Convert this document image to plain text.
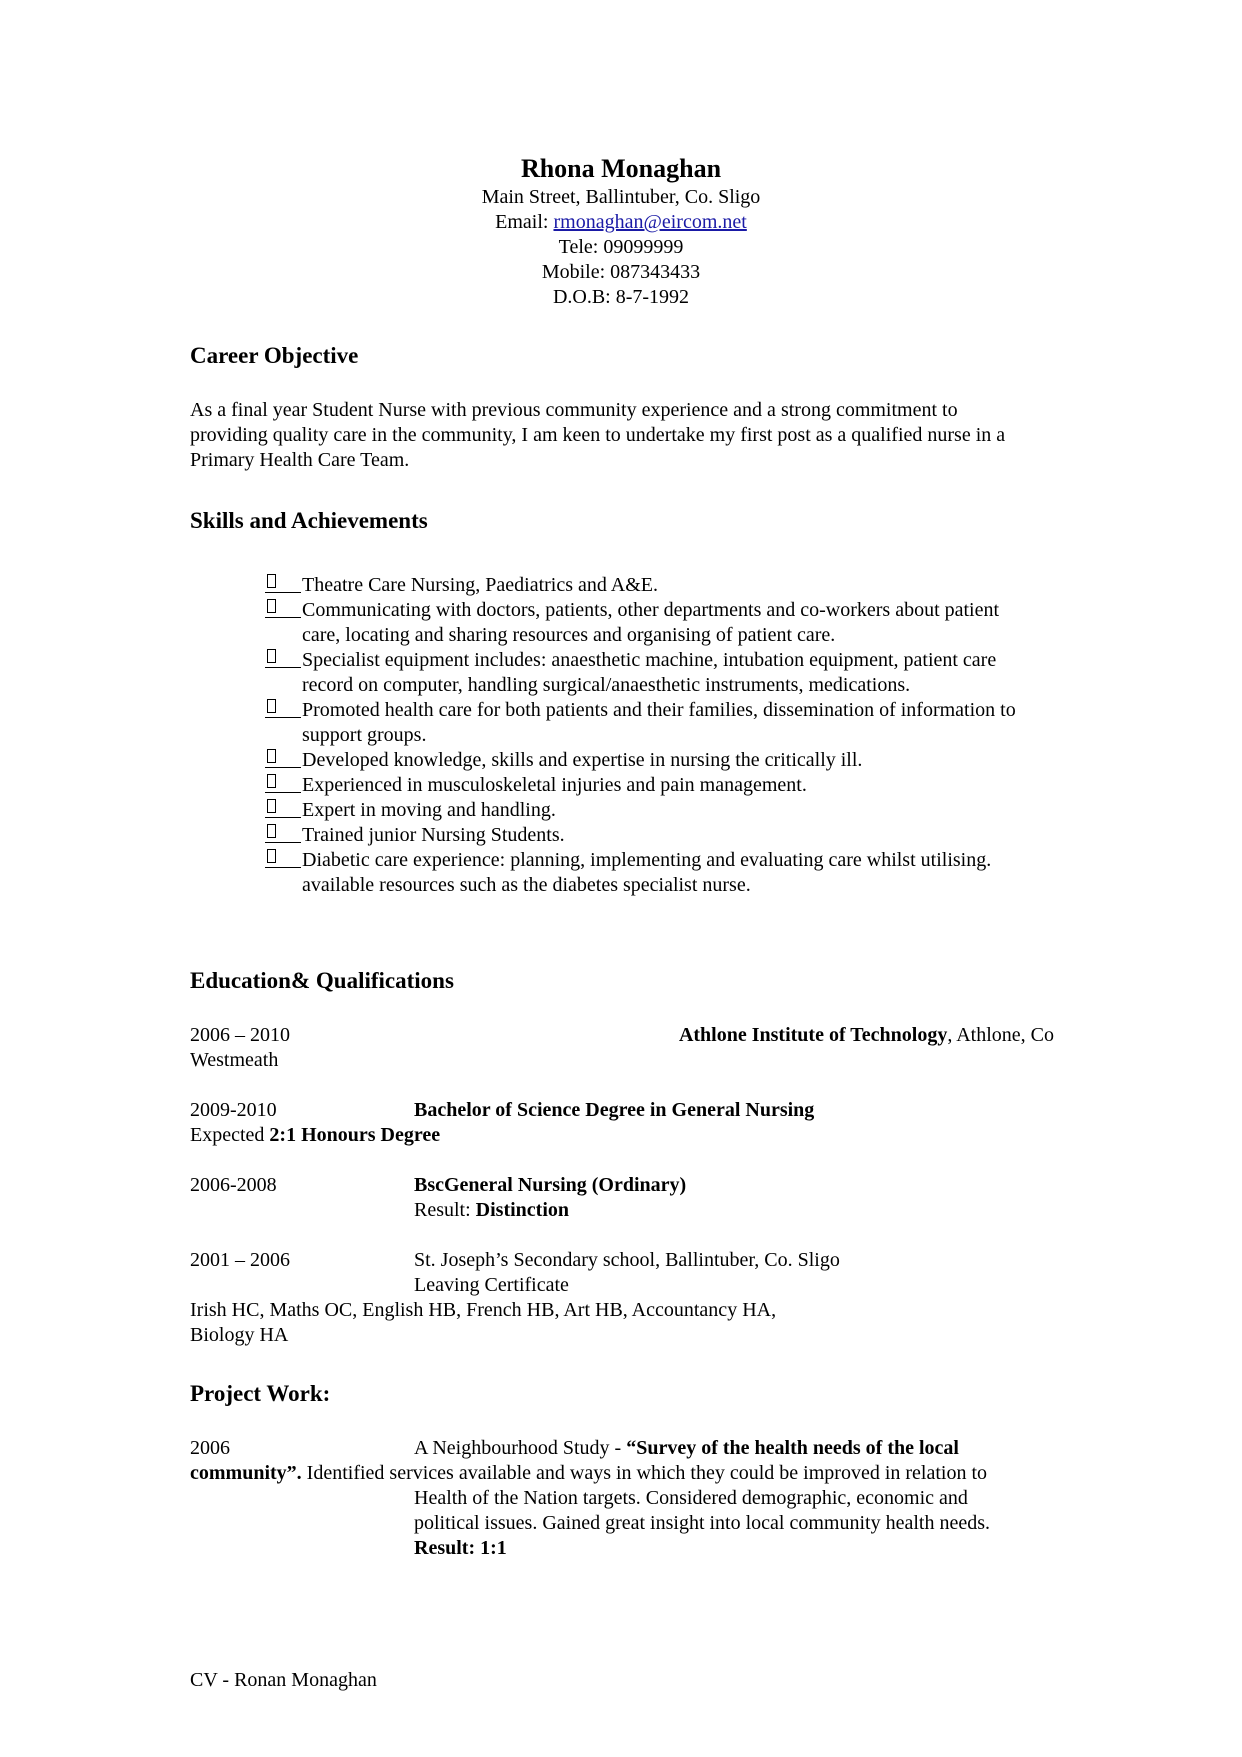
Rhona Monaghan
Main Street, Ballintuber, Co. Sligo
Email: rmonaghan@eircom.net
Tele: 09099999
Mobile: 087343433
D.O.B: 8-7-1992
Career Objective
As a final year Student Nurse with previous community experience and a strong commitment to
providing quality care in the community, I am keen to undertake my first post as a qualified nurse in a
Primary Health Care Team.
Skills and Achievements
Theatre Care Nursing, Paediatrics and A&E.
Communicating with doctors, patients, other departments and co-workers about patient
care, locating and sharing resources and organising of patient care.
Specialist equipment includes: anaesthetic machine, intubation equipment, patient care
record on computer, handling surgical/anaesthetic instruments, medications.
Promoted health care for both patients and their families, dissemination of information to
support groups.
Developed knowledge, skills and expertise in nursing the critically ill.
Experienced in musculoskeletal injuries and pain management.
Expert in moving and handling.
Trained junior Nursing Students.
Diabetic care experience: planning, implementing and evaluating care whilst utilising.
available resources such as the diabetes specialist nurse.
Education& Qualifications
2006 – 2010	Athlone Institute of Technology, Athlone, Co
Westmeath
2009-2010	Bachelor of Science Degree in General Nursing
Expected 2:1 Honours Degree
2006-2008	BscGeneral Nursing (Ordinary)
Result: Distinction
2001 – 2006	St. Joseph’s Secondary school, Ballintuber, Co. Sligo
Leaving Certificate
Irish HC, Maths OC, English HB, French HB, Art HB, Accountancy HA,
Biology HA
Project Work:
2006	A Neighbourhood Study - “Survey of the health needs of the local
community”. Identified services available and ways in which they could be improved in relation to
Health of the Nation targets. Considered demographic, economic and
political issues. Gained great insight into local community health needs.
Result: 1:1
CV - Ronan Monaghan
